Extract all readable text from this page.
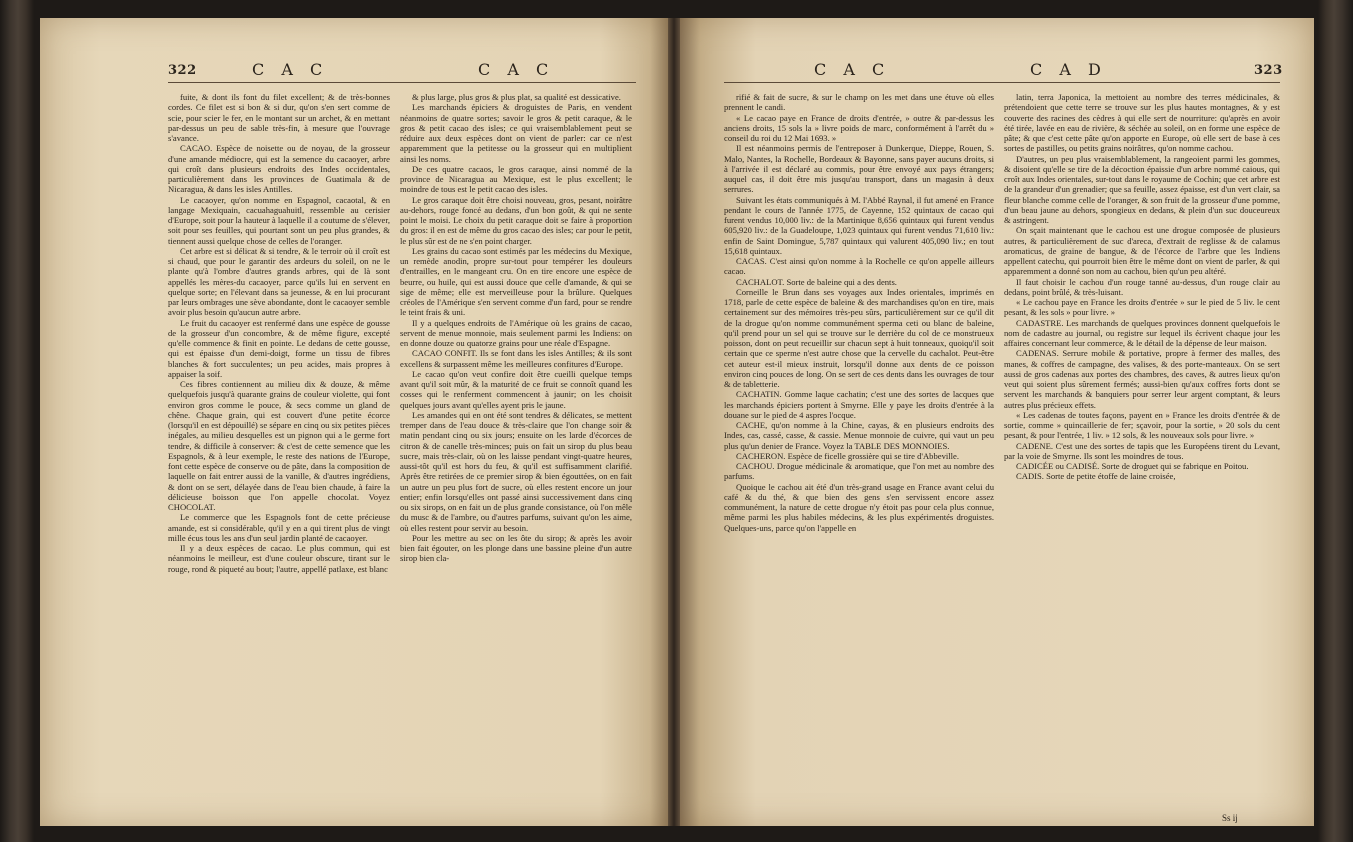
322	C A C	C A C	C A C	C A D	323

fuite, & dont ils font du filet excellent; & de très-bonnes cordes. Ce filet est si bon & si dur, qu'on s'en sert comme de scie, pour scier le fer, en le montant sur un archet, & en mettant par-dessus un peu de sable très-fin, à mesure que l'ouvrage s'avance.

CACAO. Espèce de noisette ou de noyau, de la grosseur d'une amande médiocre, qui est la semence du cacaoyer, arbre qui croît dans plusieurs endroits des Indes occidentales, particulièrement dans les provinces de Guatimala & de Nicaragua, & dans les isles Antilles.

Le cacaoyer, qu'on nomme en Espagnol, cacaotal, & en langage Mexiquain, cacuahaguahuitl, ressemble au cerisier d'Europe, soit pour la hauteur à laquelle il a coutume de s'élever, soit pour ses feuilles, qui pourtant sont un peu plus grandes, & tiennent aussi quelque chose de celles de l'oranger.

Cet arbre est si délicat & si tendre, & le terroir où il croît est si chaud, que pour le garantir des ardeurs du soleil, on ne le plante qu'à l'ombre d'autres grands arbres, qui de là sont appellés les mères-du cacaoyer, parce qu'ils lui en servent en quelque sorte; en l'élevant dans sa jeunesse, & en lui procurant par leurs ombrages une sève abondante, dont le cacaoyer semble avoir plus besoin qu'aucun autre arbre.

Le fruit du cacaoyer est renfermé dans une espèce de gousse de la grosseur d'un concombre, & de même figure, excepté qu'elle commence & finit en pointe. Le dedans de cette gousse, qui est épaisse d'un demi-doigt, forme un tissu de fibres blanches & fort succulentes; un peu acides, mais propres à appaiser la soif.

Ces fibres contiennent au milieu dix & douze, & même quelquefois jusqu'à quarante grains de couleur violette, qui font environ gros comme le pouce, & secs comme un gland de chêne. Chaque grain, qui est couvert d'une petite écorce (lorsqu'il en est dépouillé) se sépare en cinq ou six petites pièces inégales, au milieu desquelles est un pignon qui a le germe fort tendre, & difficile à conserver: & c'est de cette semence que les Espagnols, & à leur exemple, le reste des nations de l'Europe, font cette espèce de conserve ou de pâte, dans la composition de laquelle on fait entrer aussi de la vanille, & d'autres ingrédiens, & dont on se sert, délayée dans de l'eau bien chaude, à faire la délicieuse boisson que l'on appelle chocolat. Voyez CHOCOLAT.

Le commerce que les Espagnols font de cette précieuse amande, est si considérable, qu'il y en a qui tirent plus de vingt mille écus tous les ans d'un seul jardin planté de cacaoyer.

Il y a deux espèces de cacao. Le plus commun, qui est néanmoins le meilleur, est d'une couleur obscure, tirant sur le rouge, rond & piqueté au bout; l'autre, appellé patlaxe, est blanc

& plus large, plus gros & plus plat, sa qualité est dessicative.

Les marchands épiciers & droguistes de Paris, en vendent néanmoins de quatre sortes; savoir le gros & petit caraque, & le gros & petit cacao des isles; ce qui vraisemblablement peut se réduire aux deux espèces dont on vient de parler: car ce n'est apparemment que la petitesse ou la grosseur qui en multiplient ainsi les noms.

De ces quatre cacaos, le gros caraque, ainsi nommé de la province de Nicaragua au Mexique, est le plus excellent; le moindre de tous est le petit cacao des isles.

Le gros caraque doit être choisi nouveau, gros, pesant, noirâtre au-dehors, rouge foncé au dedans, d'un bon goût, & qui ne sente point le moisi. Le choix du petit caraque doit se faire à proportion du gros: il en est de même du gros cacao des isles; car pour le petit, le plus sûr est de ne s'en point charger.

Les grains du cacao sont estimés par les médecins du Mexique, un remède anodin, propre sur-tout pour tempérer les douleurs d'entrailles, en le mangeant cru. On en tire encore une espèce de beurre, ou huile, qui est aussi douce que celle d'amande, & qui se sige de même; elle est merveilleuse pour la brûlure. Quelques créoles de l'Amérique s'en servent comme d'un fard, pour se rendre le teint frais & uni.

Il y a quelques endroits de l'Amérique où les grains de cacao, servent de menue monnoie, mais seulement parmi les Indiens: on en donne douze ou quatorze grains pour une réale d'Espagne.

CACAO CONFIT. Ils se font dans les isles Antilles; & ils sont excellens & surpassent même les meilleures confitures d'Europe.

Le cacao qu'on veut confire doit être cueilli quelque temps avant qu'il soit mûr, & la maturité de ce fruit se connoît quand les cosses qui le renferment commencent à jaunir; on les choisit quelques jours avant qu'elles ayent pris le jaune.

Les amandes qui en ont été sont tendres & délicates, se mettent tremper dans de l'eau douce & très-claire que l'on change soir & matin pendant cinq ou six jours; ensuite on les larde d'écorces de citron & de canelle très-minces; puis on fait un sirop du plus beau sucre, mais très-clair, où on les laisse pendant vingt-quatre heures, aussi-tôt qu'il est hors du feu, & qu'il est suffisamment clarifié. Après être retirées de ce premier sirop & bien égouttées, on en fait un autre un peu plus fort de sucre, où elles restent encore un jour entier; enfin lorsqu'elles ont passé ainsi successivement dans cinq ou six sirops, on en fait un de plus grande consistance, où l'on mêle du musc & de l'ambre, ou d'autres parfums, suivant qu'on les aime, où elles restent pour servir au besoin.

Pour les mettre au sec on les ôte du sirop; & après les avoir bien fait égouter, on les plonge dans une bassine pleine d'un autre sirop bien cla-

rifié & fait de sucre, & sur le champ on les met dans une étuve où elles prennent le candi.

« Le cacao paye en France de droits d'entrée, » outre & par-dessus les anciens droits, 15 sols la » livre poids de marc, conformément à l'arrêt du » conseil du roi du 12 Mai 1693. »

Il est néanmoins permis de l'entreposer à Dunkerque, Dieppe, Rouen, S. Malo, Nantes, la Rochelle, Bordeaux & Bayonne, sans payer aucuns droits, si à l'arrivée il est déclaré au commis, pour être envoyé aux pays étrangers; auquel cas, il doit être mis jusqu'au transport, dans un magasin à deux serrures.

Suivant les états communiqués à M. l'Abbé Raynal, il fut amené en France pendant le cours de l'année 1775, de Cayenne, 152 quintaux de cacao qui furent vendus 10,000 liv.: de la Martinique 8,656 quintaux qui furent vendus 605,920 liv.: de la Guadeloupe, 1,023 quintaux qui furent vendus 71,610 liv.: enfin de Saint Domingue, 5,787 quintaux qui valurent 405,090 liv.; en tout 15,618 quintaux.

CACAS. C'est ainsi qu'on nomme à la Rochelle ce qu'on appelle ailleurs cacao.

CACHALOT. Sorte de baleine qui a des dents.

Corneille le Brun dans ses voyages aux Indes orientales, imprimés en 1718, parle de cette espèce de baleine & des marchandises qu'on en tire, mais certainement sur des mémoires très-peu sûrs, particulièrement sur ce qu'il dit de la drogue qu'on nomme communément sperma ceti ou blanc de baleine, qu'il prend pour un sel qui se trouve sur le derrière du col de ce monstrueux poisson, dont on peut recueillir sur chacun sept à huit tonneaux, quoiqu'il soit certain que ce sperme n'est autre chose que la cervelle du cachalot. Peut-être cet auteur est-il mieux instruit, lorsqu'il donne aux dents de ce poisson environ cinq pouces de long. On se sert de ces dents dans les ouvrages de tour & de tabletterie.

CACHATIN. Gomme laque cachatin; c'est une des sortes de lacques que les marchands épiciers portent à Smyrne. Elle y paye les droits d'entrée à la douane sur le pied de 4 aspres l'ocque.

CACHE, qu'on nomme à la Chine, cayas, & en plusieurs endroits des Indes, cas, cassé, casse, & cassie. Menue monnoie de cuivre, qui vaut un peu plus qu'un denier de France. Voyez la TABLE DES MONNOIES.

CACHERON. Espèce de ficelle grossière qui se tire d'Abbeville.

CACHOU. Drogue médicinale & aromatique, que l'on met au nombre des parfums.

Quoique le cachou ait été d'un très-grand usage en France avant celui du café & du thé, & que bien des gens s'en servissent encore assez communément, la nature de cette drogue n'y étoit pas pour cela plus connue, même parmi les plus habiles médecins, & les plus expérimentés droguistes. Quelques-uns, parce qu'on l'appelle en

latin, terra Japonica, la mettoient au nombre des terres médicinales, & prétendoient que cette terre se trouve sur les plus hautes montagnes, & y est couverte des racines des cèdres à qui elle sert de nourriture: qu'après en avoir été tirée, lavée en eau de rivière, & séchée au soleil, on en forme une espèce de pâte; & que c'est cette pâte qu'on apporte en Europe, où elle sert de base à ces sortes de pastilles, ou petits grains noirâtres, qu'on nomme cachou.

D'autres, un peu plus vraisemblablement, la rangeoient parmi les gommes, & disoient qu'elle se tire de la décoction épaissie d'un arbre nommé caious, qui croît aux Indes orientales, sur-tout dans le royaume de Cochin; que cet arbre est de la grandeur d'un grenadier; que sa feuille, assez épaisse, est d'un vert clair, sa fleur blanche comme celle de l'oranger, & son fruit de la grosseur d'une pomme, d'un beau jaune au dehors, spongieux en dedans, & plein d'un suc douceureux & astringent.

On sçait maintenant que le cachou est une drogue composée de plusieurs autres, & particulièrement de suc d'areca, d'extrait de reglisse & de calamus aromaticus, de graine de bangue, & de l'écorce de l'arbre que les Indiens appellent catechu, qui pourroit bien être le même dont on vient de parler, & qui apparemment a donné son nom au cachou, bien qu'un peu altéré.

Il faut choisir le cachou d'un rouge tanné au-dessus, d'un rouge clair au dedans, point brûlé, & très-luisant.

« Le cachou paye en France les droits d'entrée » sur le pied de 5 liv. le cent pesant, & les sols » pour livre. »

CADASTRE. Les marchands de quelques provinces donnent quelquefois le nom de cadastre au journal, ou registre sur lequel ils écrivent chaque jour les affaires concernant leur commerce, & le détail de la dépense de leur maison.

CADENAS. Serrure mobile & portative, propre à fermer des malles, des manes, & coffres de campagne, des valises, & des porte-manteaux. On se sert aussi de gros cadenas aux portes des chambres, des caves, & autres lieux qu'on veut qui soient plus sûrement fermés; aussi-bien qu'aux coffres forts dont se servent les marchands & banquiers pour serrer leur argent comptant, & leurs autres plus précieux effets.

« Les cadenas de toutes façons, payent en » France les droits d'entrée & de sortie, comme » quincaillerie de fer; sçavoir, pour la sortie, » 20 sols du cent pesant, & pour l'entrée, 1 liv. » 12 sols, & les nouveaux sols pour livre. »

CADENE. C'est une des sortes de tapis que les Européens tirent du Levant, par la voie de Smyrne. Ils sont les moindres de tous.

CADICÉE ou CADISÉ. Sorte de droguet qui se fabrique en Poitou.

CADIS. Sorte de petite étoffe de laine croisée,

Ss ij
